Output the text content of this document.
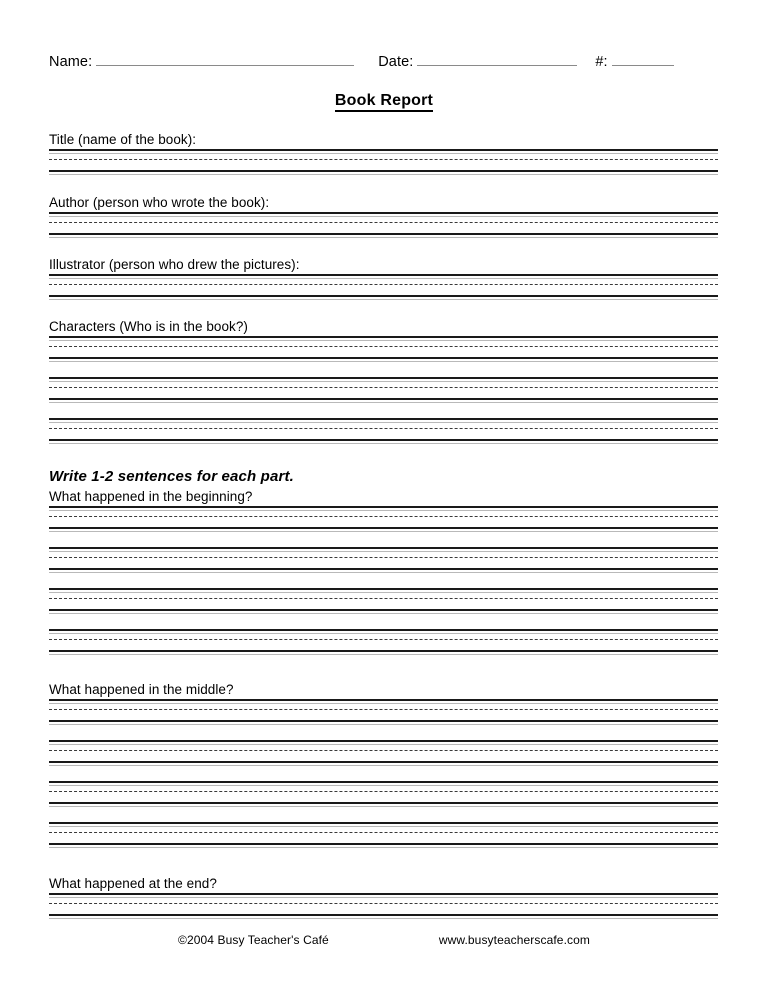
Name:	Date:	#:
Book Report
Title (name of the book):
Author (person who wrote the book):
Illustrator (person who drew the pictures):
Characters (Who is in the book?)
Write 1-2 sentences for each part.
What happened in the beginning?
What happened in the middle?
What happened at the end?
©2004 Busy Teacher's Café	www.busyteacherscafe.com
